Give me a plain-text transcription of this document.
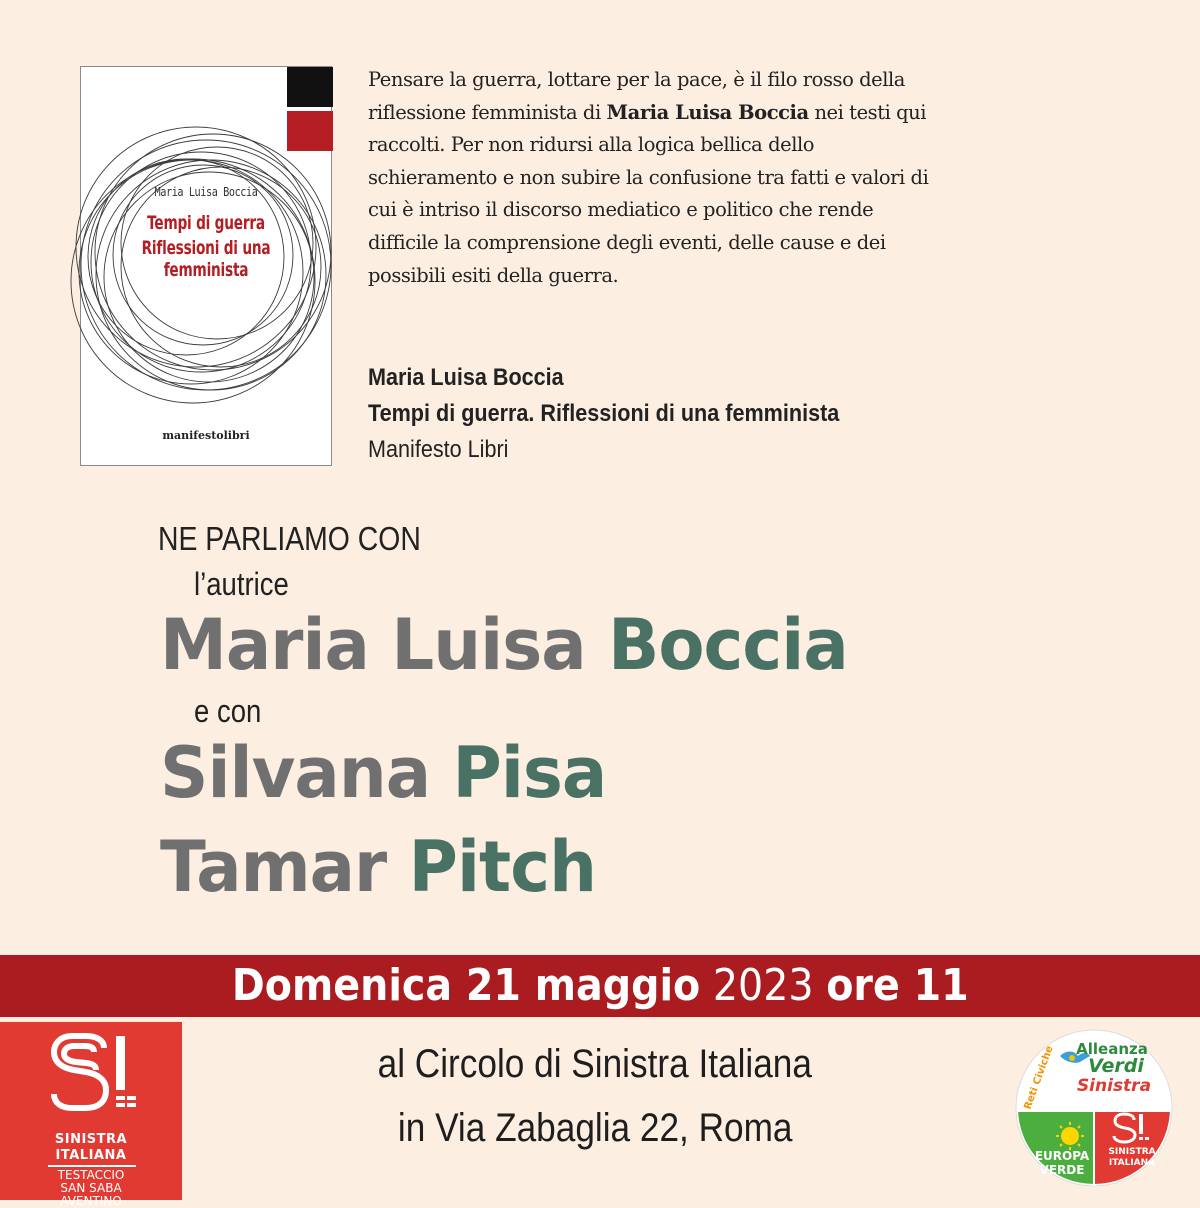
Maria Luisa Boccia
Tempi di guerra
Riflessioni di una femminista
manifestolibri
Pensare la guerra, lottare per la pace, è il filo rosso della
riflessione femminista di Maria Luisa Boccia nei testi qui
raccolti. Per non ridursi alla logica bellica dello
schieramento e non subire la confusione tra fatti e valori di
cui è intriso il discorso mediatico e politico che rende
difficile la comprensione degli eventi, delle cause e dei
possibili esiti della guerra.
Maria Luisa Boccia
Tempi di guerra. Riflessioni di una femminista
Manifesto Libri
NE PARLIAMO CON
l’autrice
Maria Luisa Boccia
e con
Silvana Pisa
Tamar Pitch
Domenica 21 maggio 2023 ore 11
al Circolo di Sinistra Italiana
in Via Zabaglia 22, Roma
SINISTRA
ITALIANA
TESTACCIO
SAN SABA
AVENTINO
Alleanza
Verdi
Sinistra
Reti Civiche
EUROPA
VERDE
SINISTRA
ITALIANA
